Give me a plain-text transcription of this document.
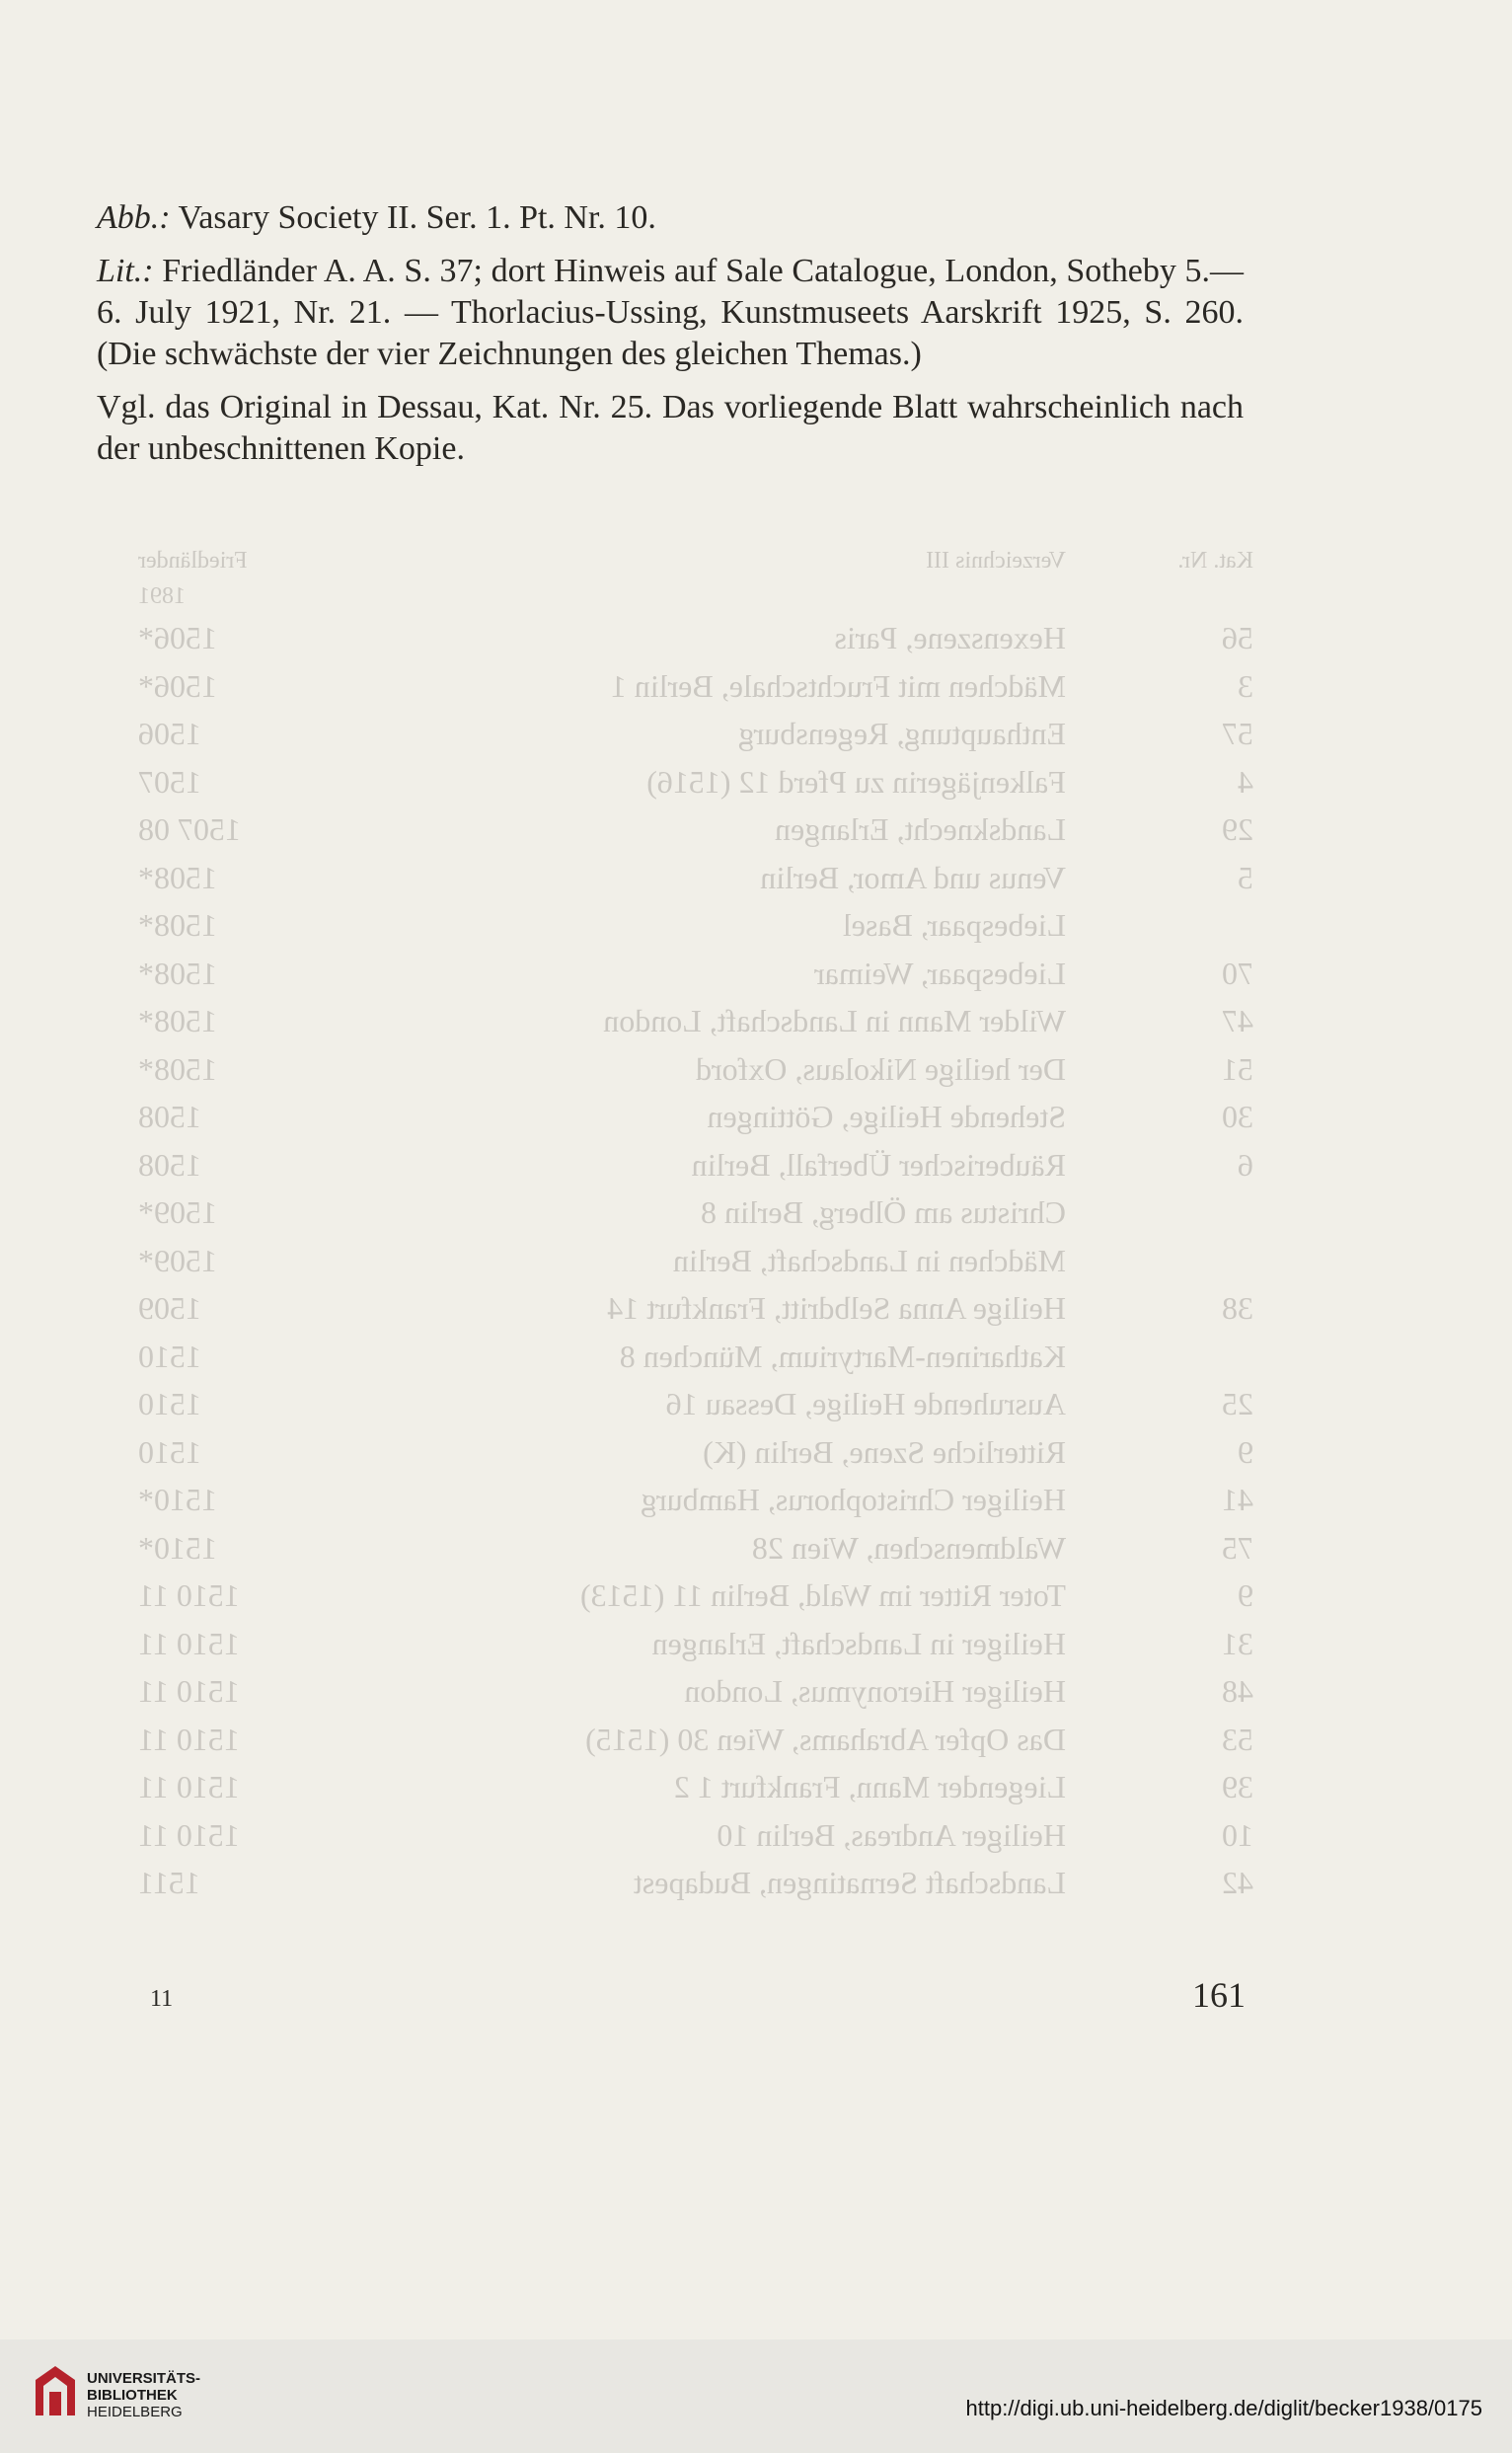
Kat. Nr.
Verzeichnis III
Friedländer 1891
56
Hexenszene, Paris
1506*
3
Mädchen mit Fruchtschale, Berlin 1
1506*
57
Enthauptung, Regensburg
1506
4
Falkenjägerin zu Pferd 12 (1516)
1507
29
Landsknecht, Erlangen
1507 08
5
Venus und Amor, Berlin
1508*
Liebespaar, Basel
1508*
70
Liebespaar, Weimar
1508*
47
Wilder Mann in Landschaft, London
1508*
51
Der heilige Nikolaus, Oxford
1508*
30
Stehende Heilige, Göttingen
1508
6
Räuberischer Überfall, Berlin
1508
Christus am Ölberg, Berlin 8
1509*
Mädchen in Landschaft, Berlin
1509*
38
Heilige Anna Selbdritt, Frankfurt 14
1509
Katharinen-Martyrium, München 8
1510
25
Ausruhende Heilige, Dessau 16
1510
9
Ritterliche Szene, Berlin (K)
1510
41
Heiliger Christophorus, Hamburg
1510*
75
Waldmenschen, Wien 28
1510*
9
Toter Ritter im Wald, Berlin 11 (1513)
1510 11
31
Heiliger in Landschaft, Erlangen
1510 11
48
Heiliger Hieronymus, London
1510 11
53
Das Opfer Abrahams, Wien 30 (1515)
1510 11
39
Liegender Mann, Frankfurt 1 2
1510 11
10
Heiliger Andreas, Berlin 10
1510 11
42
Landschaft Sernatingen, Budapest
1511

Abb.: Vasary Society II. Ser. 1. Pt. Nr. 10.

Lit.: Friedländer A. A. S. 37; dort Hinweis auf Sale Catalogue, London, Sotheby 5.—6. July 1921, Nr. 21. — Thorlacius-Ussing, Kunstmuseets Aarskrift 1925, S. 260. (Die schwächste der vier Zeichnungen des gleichen Themas.)

Vgl. das Original in Dessau, Kat. Nr. 25. Das vorliegende Blatt wahrscheinlich nach der unbeschnittenen Kopie.

11	161
UNIVERSITÄTS-
BIBLIOTHEK
HEIDELBERG	http://digi.ub.uni-heidelberg.de/diglit/becker1938/0175
